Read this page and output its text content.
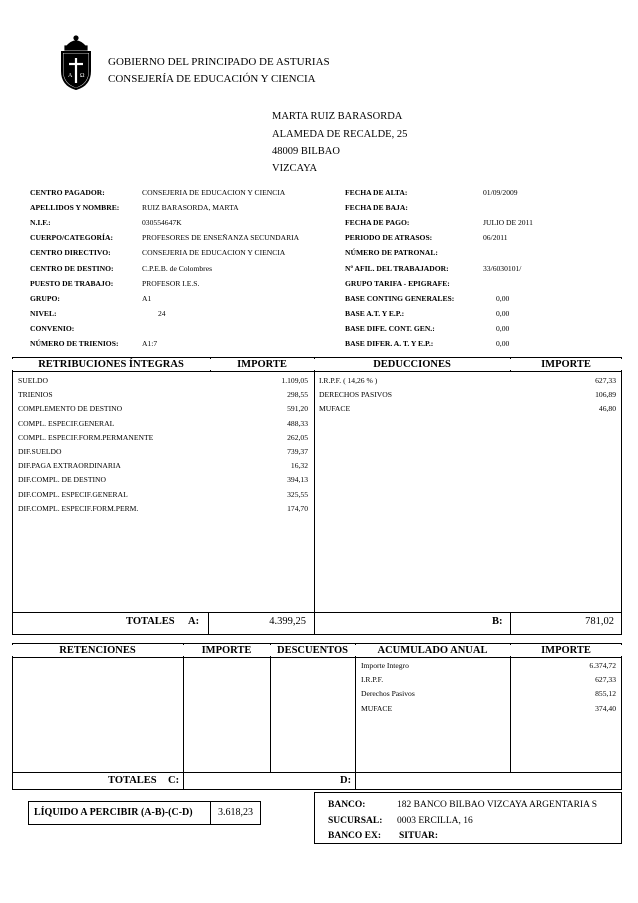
A Ω
GOBIERNO DEL PRINCIPADO DE ASTURIAS
CONSEJERÍA DE EDUCACIÓN Y CIENCIA
MARTA RUIZ BARASORDA
ALAMEDA DE RECALDE, 25
48009 BILBAO
VIZCAYA
CENTRO PAGADOR:	CONSEJERIA DE EDUCACION Y CIENCIA
APELLIDOS Y NOMBRE:	RUIZ BARASORDA, MARTA
N.I.F.:	030554647K
CUERPO/CATEGORÍA:	PROFESORES DE ENSEÑANZA SECUNDARIA
CENTRO DIRECTIVO:	CONSEJERIA DE EDUCACION Y CIENCIA
CENTRO DE DESTINO:	C.P.E.B. de Colombres
PUESTO DE TRABAJO:	PROFESOR I.E.S.
GRUPO:	A1
NIVEL:	24
CONVENIO:
NÚMERO DE TRIENIOS:	A1:7
FECHA DE ALTA:	01/09/2009
FECHA DE BAJA:
FECHA DE PAGO:	JULIO DE 2011
PERIODO DE ATRASOS:	06/2011
NÚMERO DE PATRONAL:
Nº AFIL. DEL TRABAJADOR:	33/6030101/
GRUPO TARIFA - EPIGRAFE:
BASE CONTING GENERALES:	0,00
BASE A.T. Y E.P.:	0,00
BASE DIFE. CONT. GEN.:	0,00
BASE DIFER. A. T. Y E.P.:	0,00
RETRIBUCIONES ÍNTEGRAS	IMPORTE	DEDUCCIONES	IMPORTE
SUELDO	1.109,05
TRIENIOS	298,55
COMPLEMENTO DE DESTINO	591,20
COMPL. ESPECIF.GENERAL	488,33
COMPL. ESPECIF.FORM.PERMANENTE	262,05
DIF.SUELDO	739,37
DIF.PAGA EXTRAORDINARIA	16,32
DIF.COMPL. DE DESTINO	394,13
DIF.COMPL. ESPECIF.GENERAL	325,55
DIF.COMPL. ESPECIF.FORM.PERM.	174,70
I.R.P.F. ( 14,26 % )	627,33
DERECHOS PASIVOS	106,89
MUFACE	46,80
TOTALES A:	4.399,25	B:	781,02
RETENCIONES	IMPORTE	DESCUENTOS	ACUMULADO ANUAL	IMPORTE
Importe Integro	6.374,72
I.R.P.F.	627,33
Derechos Pasivos	855,12
MUFACE	374,40
TOTALES C:	D:
LÍQUIDO A PERCIBIR (A-B)-(C-D)	3.618,23
BANCO:	182 BANCO BILBAO VIZCAYA ARGENTARIA S
SUCURSAL: 0003 ERCILLA, 16
BANCO EX: SITUAR:
